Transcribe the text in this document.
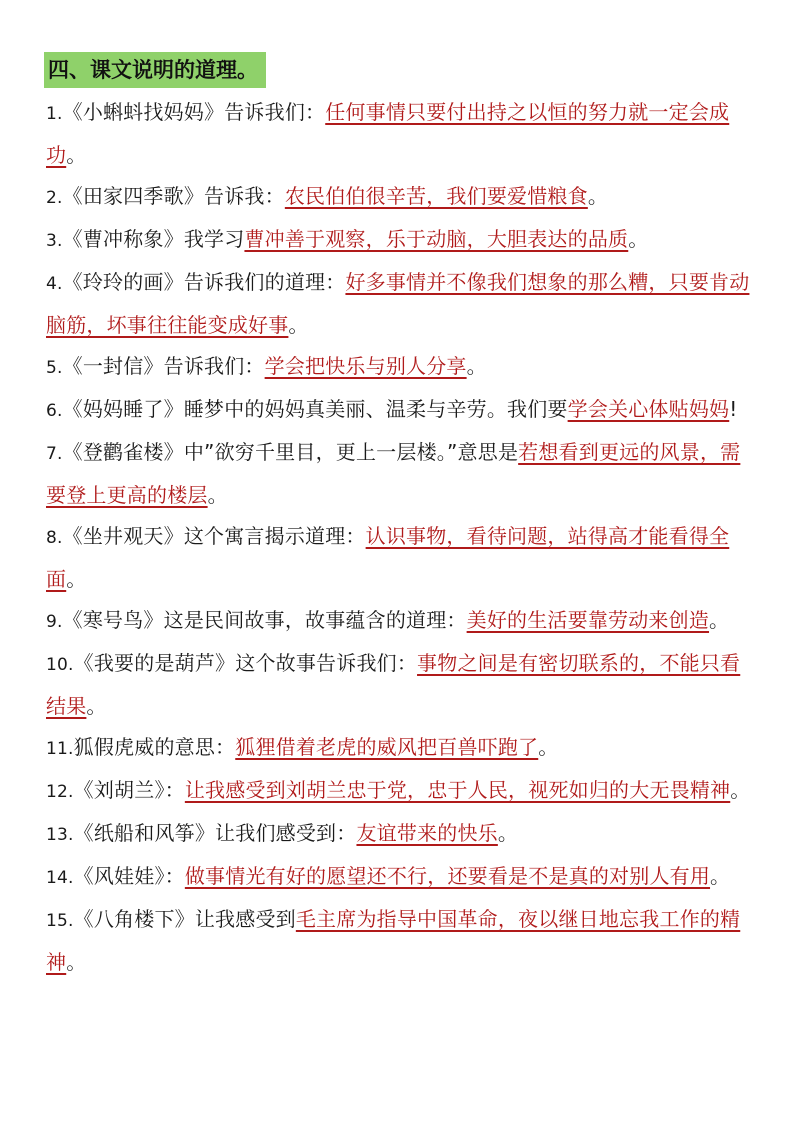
四、课文说明的道理。
1.《小蝌蚪找妈妈》告诉我们：任何事情只要付出持之以恒的努力就一定会成功。
2.《田家四季歌》告诉我：农民伯伯很辛苦，我们要爱惜粮食。
3.《曹冲称象》我学习曹冲善于观察，乐于动脑，大胆表达的品质。
4.《玲玲的画》告诉我们的道理：好多事情并不像我们想象的那么糟，只要肯动脑筋，坏事往往能变成好事。
5.《一封信》告诉我们：学会把快乐与别人分享。
6.《妈妈睡了》睡梦中的妈妈真美丽、温柔与辛劳。我们要学会关心体贴妈妈!
7.《登鹳雀楼》中”欲穷千里目，更上一层楼。”意思是若想看到更远的风景，需要登上更高的楼层。
8.《坐井观天》这个寓言揭示道理：认识事物，看待问题，站得高才能看得全面。
9.《寒号鸟》这是民间故事，故事蕴含的道理：美好的生活要靠劳动来创造。
10.《我要的是葫芦》这个故事告诉我们：事物之间是有密切联系的，不能只看结果。
11.狐假虎威的意思：狐狸借着老虎的威风把百兽吓跑了。
12.《刘胡兰》：让我感受到刘胡兰忠于党，忠于人民，视死如归的大无畏精神。
13.《纸船和风筝》让我们感受到：友谊带来的快乐。
14.《风娃娃》：做事情光有好的愿望还不行，还要看是不是真的对别人有用。
15.《八角楼下》让我感受到毛主席为指导中国革命，夜以继日地忘我工作的精神。
